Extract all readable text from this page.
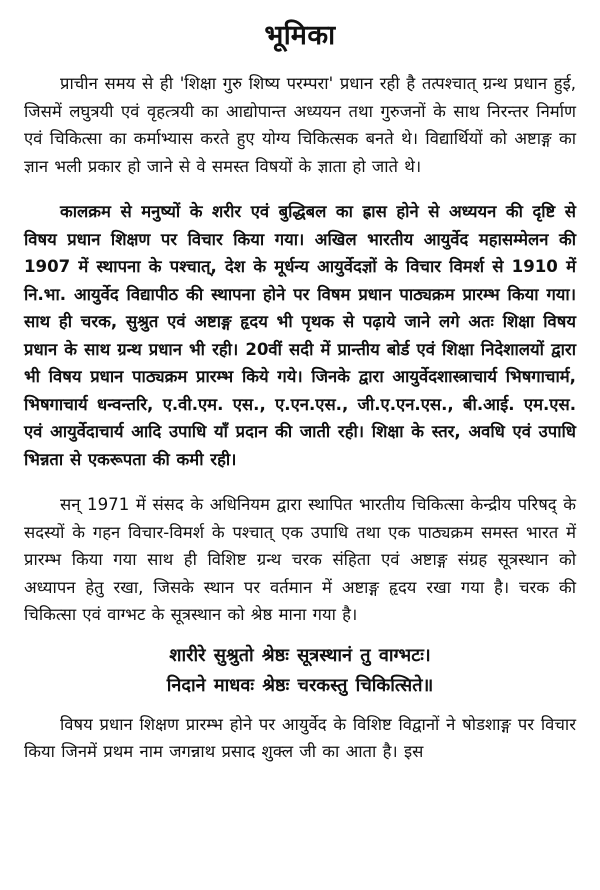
भूमिका

प्राचीन समय से ही 'शिक्षा गुरु शिष्य परम्परा' प्रधान रही है तत्पश्चात् ग्रन्थ प्रधान हुई, जिसमें लघुत्रयी एवं वृहत्त्रयी का आद्योपान्त अध्ययन तथा गुरुजनों के साथ निरन्तर निर्माण एवं चिकित्सा का कर्माभ्यास करते हुए योग्य चिकित्सक बनते थे। विद्यार्थियों को अष्टाङ्ग का ज्ञान भली प्रकार हो जाने से वे समस्त विषयों के ज्ञाता हो जाते थे।

कालक्रम से मनुष्यों के शरीर एवं बुद्धिबल का ह्रास होने से अध्ययन की दृष्टि से विषय प्रधान शिक्षण पर विचार किया गया। अखिल भारतीय आयुर्वेद महासम्मेलन की 1907 में स्थापना के पश्चात्, देश के मूर्धन्य आयुर्वेदज्ञों के विचार विमर्श से 1910 में नि.भा. आयुर्वेद विद्यापीठ की स्थापना होने पर विषम प्रधान पाठ्यक्रम प्रारम्भ किया गया। साथ ही चरक, सुश्रुत एवं अष्टाङ्ग हृदय भी पृथक से पढ़ाये जाने लगे अतः शिक्षा विषय प्रधान के साथ ग्रन्थ प्रधान भी रही। 20वीं सदी में प्रान्तीय बोर्ड एवं शिक्षा निदेशालयों द्वारा भी विषय प्रधान पाठ्यक्रम प्रारम्भ किये गये। जिनके द्वारा आयुर्वेदशास्त्राचार्य भिषगाचार्म, भिषगाचार्य धन्वन्तरि, ए.वी.एम. एस., ए.एन.एस., जी.ए.एन.एस., बी.आई. एम.एस. एवं आयुर्वेदाचार्य आदि उपाधि याँ प्रदान की जाती रही। शिक्षा के स्तर, अवधि एवं उपाधि भिन्नता से एकरूपता की कमी रही।

सन् 1971 में संसद के अधिनियम द्वारा स्थापित भारतीय चिकित्सा केन्द्रीय परिषद् के सदस्यों के गहन विचार-विमर्श के पश्चात् एक उपाधि तथा एक पाठ्यक्रम समस्त भारत में प्रारम्भ किया गया साथ ही विशिष्ट ग्रन्थ चरक संहिता एवं अष्टाङ्ग संग्रह सूत्रस्थान को अध्यापन हेतु रखा, जिसके स्थान पर वर्तमान में अष्टाङ्ग हृदय रखा गया है। चरक की चिकित्सा एवं वाग्भट के सूत्रस्थान को श्रेष्ठ माना गया है।

शारीरे सुश्रुतो श्रेष्ठः सूत्रस्थानं तु वाग्भटः।

निदाने माधवः श्रेष्ठः चरकस्तु चिकित्सिते॥

विषय प्रधान शिक्षण प्रारम्भ होने पर आयुर्वेद के विशिष्ट विद्वानों ने षोडशाङ्ग पर विचार किया जिनमें प्रथम नाम जगन्नाथ प्रसाद शुक्ल जी का आता है। इस
